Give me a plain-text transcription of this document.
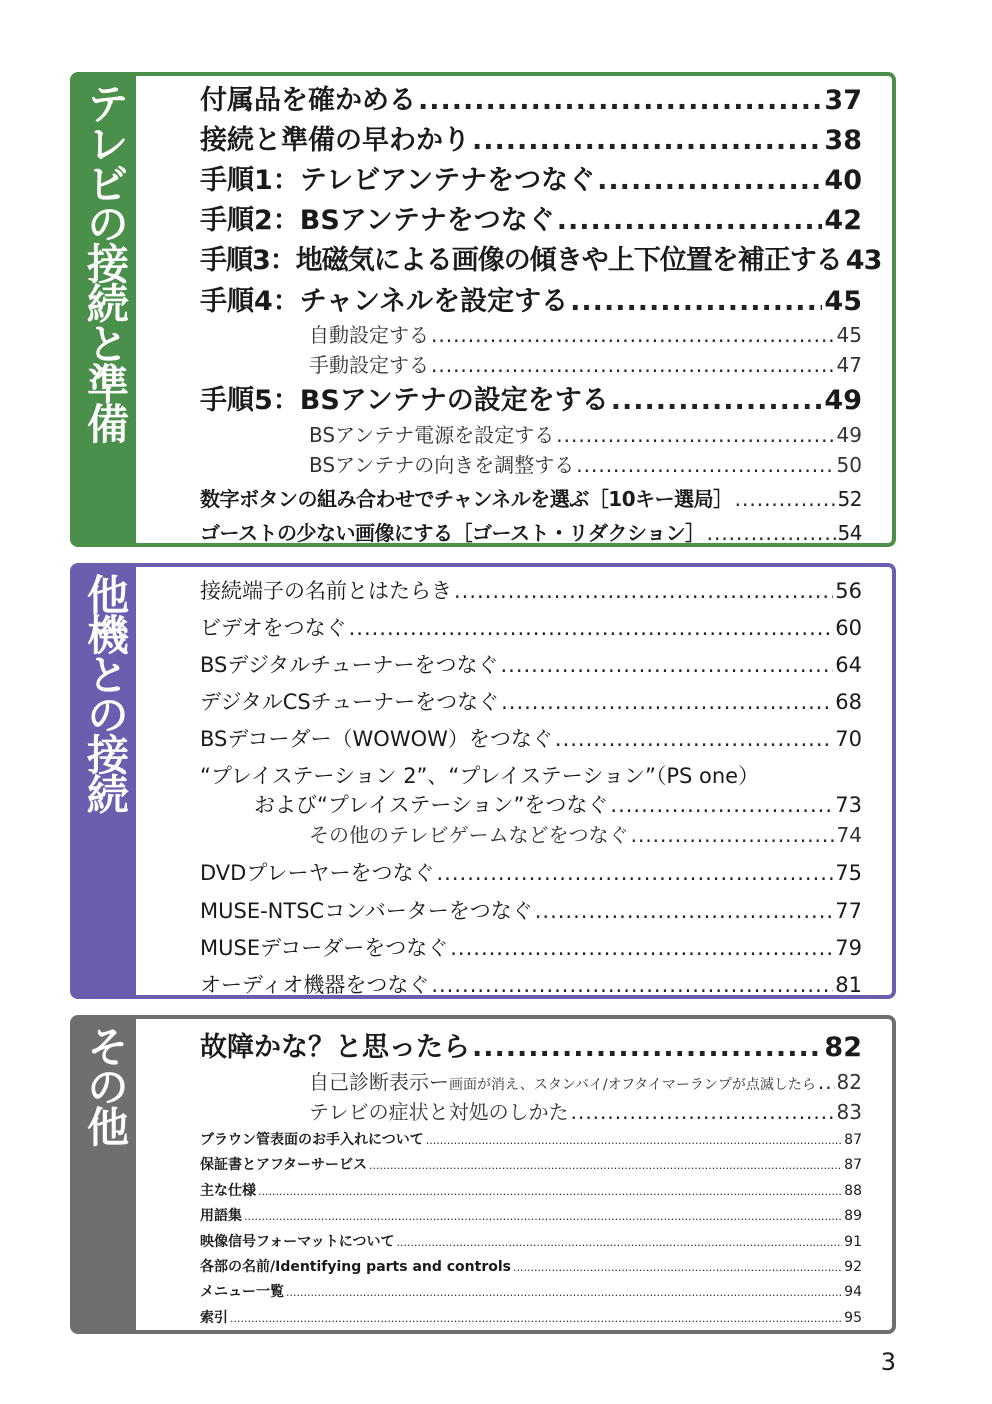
テレビの接続と準備	付属品を確かめる .....	37
接続と準備の早わかり .....	38
手順1：テレビアンテナをつなぐ .....	40
手順2：BSアンテナをつなぐ .....	42
手順3：地磁気による画像の傾きや上下位置を補正する 43
手順4：チャンネルを設定する .....	45
自動設定する .....	45
手動設定する .....	47
手順5：BSアンテナの設定をする .....	49
BSアンテナ電源を設定する .....	49
BSアンテナの向きを調整する .....	50
数字ボタンの組み合わせでチャンネルを選ぶ［10キー選局］ .....	52
ゴーストの少ない画像にする［ゴースト・リダクション］ .....	54
他機との接続	接続端子の名前とはたらき .....	56
ビデオをつなぐ .....	60
BSデジタルチューナーをつなぐ .....	64
デジタルCSチューナーをつなぐ .....	68
BSデコーダー（WOWOW）をつなぐ .....	70
“プレイステーション 2”、“プレイステーション”（PS one）
および“プレイステーション”をつなぐ .....	73
その他のテレビゲームなどをつなぐ .....	74
DVDプレーヤーをつなぐ .....	75
MUSE-NTSCコンバーターをつなぐ .....	77
MUSEデコーダーをつなぐ .....	79
オーディオ機器をつなぐ .....	81
その他	故障かな？と思ったら .....	82
自己診断表示ー 画面が消え、スタンバイ/オフタイマーランプが点滅したら ..... 82
テレビの症状と対処のしかた .....	83
ブラウン管表面のお手入れについて .....	87
保証書とアフターサービス .....	87
主な仕様 .....	88
用語集 .....	89
映像信号フォーマットについて .....	91
各部の名前/Identifying parts and controls .....	92
メニュー一覧 .....	94
索引 .....	95
3
